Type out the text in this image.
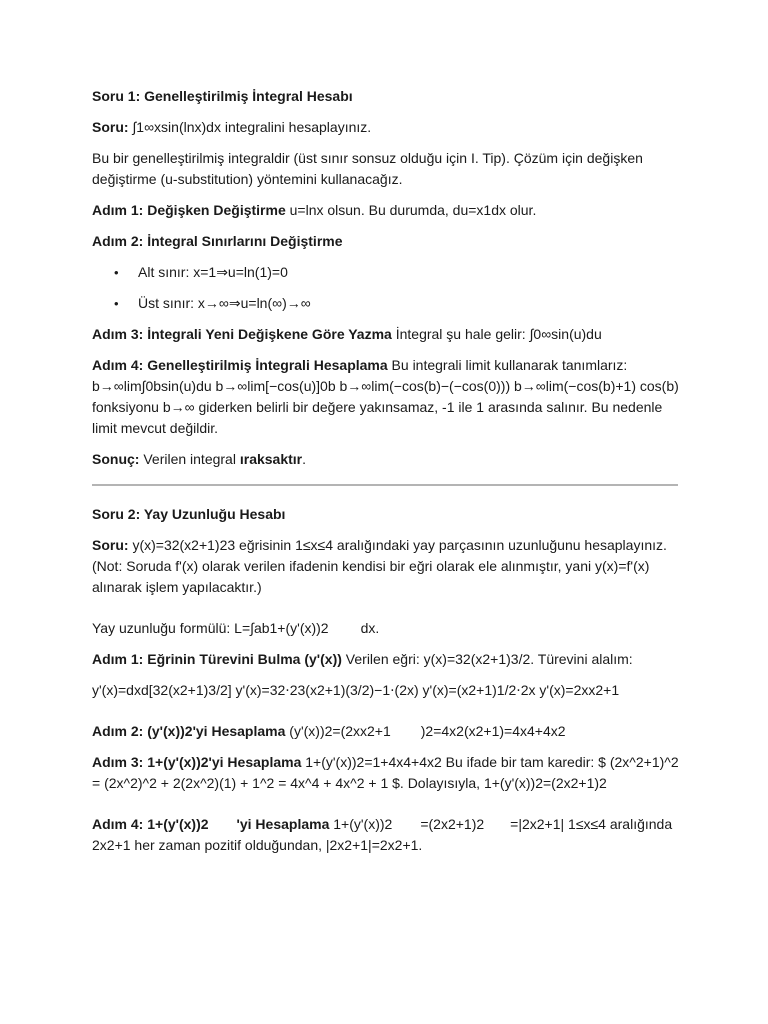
Soru 1: Genelleştirilmiş İntegral Hesabı

Soru: ∫1∞xsin(lnx)dx integralini hesaplayınız.

Bu bir genelleştirilmiş integraldir (üst sınır sonsuz olduğu için I. Tip). Çözüm için değişken değiştirme (u-substitution) yöntemini kullanacağız.

Adım 1: Değişken Değiştirme u=lnx olsun. Bu durumda, du=x1dx olur.

Adım 2: İntegral Sınırlarını Değiştirme

• Alt sınır: x=1⇒u=ln(1)=0
• Üst sınır: x→∞⇒u=ln(∞)→∞

Adım 3: İntegrali Yeni Değişkene Göre Yazma İntegral şu hale gelir: ∫0∞sin(u)du

Adım 4: Genelleştirilmiş İntegrali Hesaplama Bu integrali limit kullanarak tanımlarız: b→∞lim∫0bsin(u)du b→∞lim[−cos(u)]0b b→∞lim(−cos(b)−(−cos(0))) b→∞lim(−cos(b)+1) cos(b) fonksiyonu b→∞ giderken belirli bir değere yakınsamaz, -1 ile 1 arasında salınır. Bu nedenle limit mevcut değildir.

Sonuç: Verilen integral ıraksaktır.

Soru 2: Yay Uzunluğu Hesabı

Soru: y(x)=32(x2+1)23 eğrisinin 1≤x≤4 aralığındaki yay parçasının uzunluğunu hesaplayınız. (Not: Soruda f'(x) olarak verilen ifadenin kendisi bir eğri olarak ele alınmıştır, yani y(x)=f'(x) alınarak işlem yapılacaktır.)

Yay uzunluğu formülü: L=∫ab1+(y'(x))2 dx.

Adım 1: Eğrinin Türevini Bulma (y'(x)) Verilen eğri: y(x)=32(x2+1)3/2. Türevini alalım:

y'(x)=dxd[32(x2+1)3/2] y'(x)=32⋅23(x2+1)(3/2)−1⋅(2x) y'(x)=(x2+1)1/2⋅2x y'(x)=2xx2+1

Adım 2: (y'(x))2'yi Hesaplama (y'(x))2=(2xx2+1 )2=4x2(x2+1)=4x4+4x2

Adım 3: 1+(y'(x))2'yi Hesaplama 1+(y'(x))2=1+4x4+4x2 Bu ifade bir tam karedir: $ (2x^2+1)^2 = (2x^2)^2 + 2(2x^2)(1) + 1^2 = 4x^4 + 4x^2 + 1 $. Dolayısıyla, 1+(y'(x))2=(2x2+1)2

Adım 4: 1+(y'(x))2 'yi Hesaplama 1+(y'(x))2 =(2x2+1)2 =|2x2+1| 1≤x≤4 aralığında 2x2+1 her zaman pozitif olduğundan, |2x2+1|=2x2+1.
